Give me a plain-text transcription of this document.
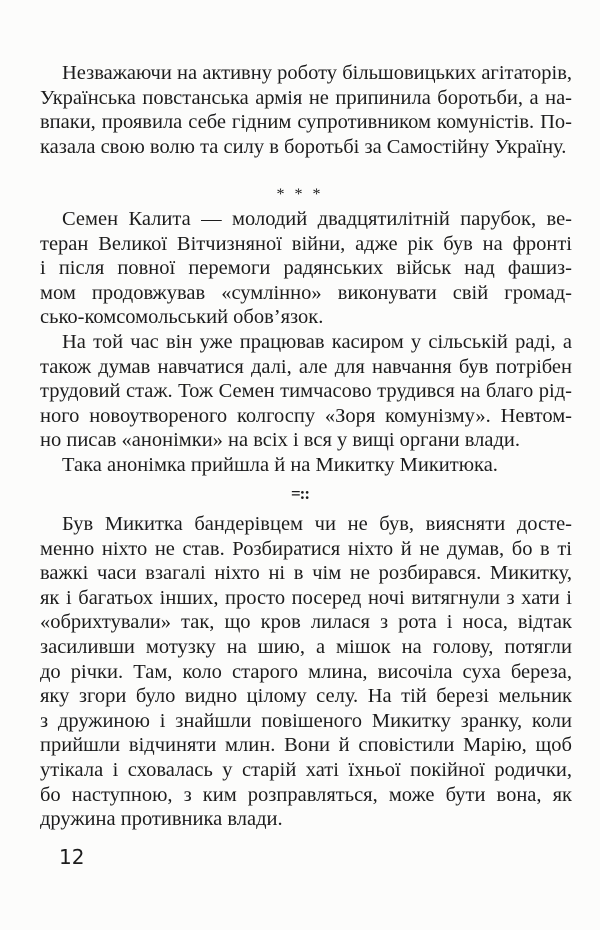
Незважаючи на активну роботу більшовицьких агітаторів,
Українська повстанська армія не припинила боротьби, а на-
впаки, проявила себе гідним супротивником комуністів. По-
казала свою волю та силу в боротьбі за Самостійну Україну.
* * *
Семен Калита — молодий двадцятилітній парубок, ве-
теран Великої Вітчизняної війни, адже рік був на фронті
і після повної перемоги радянських військ над фашиз-
мом продовжував «сумлінно» виконувати свій громад-
сько-комсомольський обов’язок.
На той час він уже працював касиром у сільській раді, а
також думав навчатися далі, але для навчання був потрібен
трудовий стаж. Тож Семен тимчасово трудився на благо рід-
ного новоутвореного колгоспу «Зоря комунізму». Невтом-
но писав «анонімки» на всіх і вся у вищі органи влади.
Така анонімка прийшла й на Микитку Микитюка.
=::
Був Микитка бандерівцем чи не був, виясняти досте-
менно ніхто не став. Розбиратися ніхто й не думав, бо в ті
важкі часи взагалі ніхто ні в чім не розбирався. Микитку,
як і багатьох інших, просто посеред ночі витягнули з хати і
«обрихтували» так, що кров лилася з рота і носа, відтак
засиливши мотузку на шию, а мішок на голову, потягли
до річки. Там, коло старого млина, височіла суха береза,
яку згори було видно цілому селу. На тій березі мельник
з дружиною і знайшли повішеного Микитку зранку, коли
прийшли відчиняти млин. Вони й сповістили Марію, щоб
утікала і сховалась у старій хаті їхньої покійної родички,
бо наступною, з ким розправляться, може бути вона, як
дружина противника влади.
12
